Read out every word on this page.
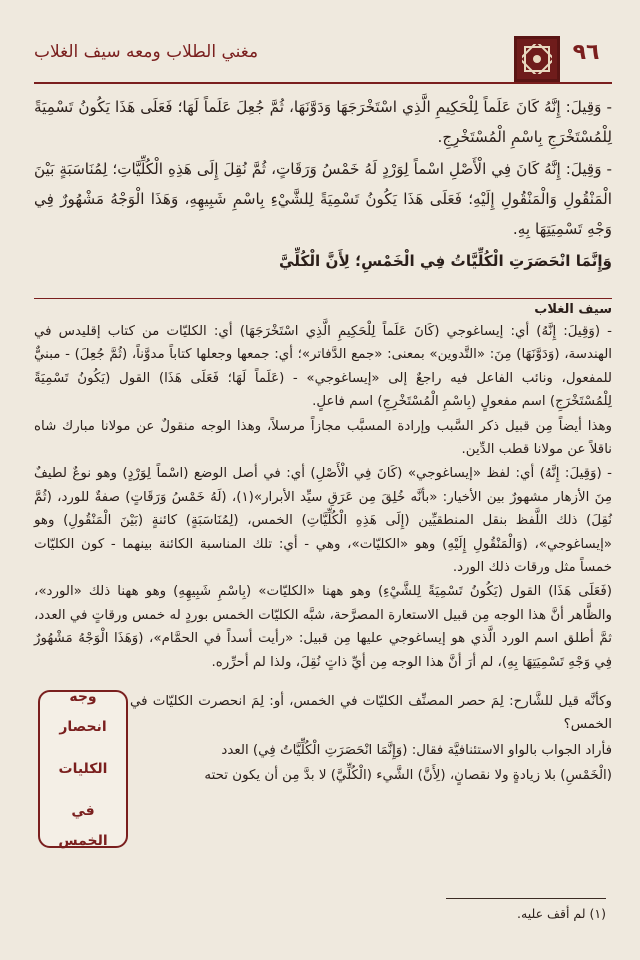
٩٦
مغني الطلاب ومعه سيف الغلاب

- وَقِيلَ: إِنَّهُ كَانَ عَلَماً لِلْحَكِيمِ الَّذِي اسْتَخْرَجَهَا وَدَوَّنَهَا، ثُمَّ جُعِلَ عَلَماً لَهَا؛ فَعَلَى هَذَا يَكُونُ تَسْمِيَةً لِلْمُسْتَخْرَجِ بِاسْمِ الْمُسْتَخْرِجِ.

- وَقِيلَ: إِنَّهُ كَانَ فِي الْأَصْلِ اسْماً لِوَرْدٍ لَهُ خَمْسُ وَرَقَاتٍ، ثُمَّ نُقِلَ إِلَى هَذِهِ الْكُلِّيَّاتِ؛ لِمُنَاسَبَةٍ بَيْنَ الْمَنْقُولِ وَالْمَنْقُولِ إِلَيْهِ؛ فَعَلَى هَذَا يَكُونُ تَسْمِيَةً لِلشَّيْءِ بِاسْمِ شَبِيهِهِ، وَهَذَا الْوَجْهُ مَشْهُورٌ فِي وَجْهِ تَسْمِيَتِهَا بِهِ.

وَإِنَّمَا انْحَصَرَتِ الْكُلِّيَّاتُ فِي الْخَمْسِ؛ لِأَنَّ الْكُلِّيَّ

سيف الغلاب

- (وَقِيلَ: إِنَّهُ) أي: إيساغوجي (كَانَ عَلَماً لِلْحَكِيمِ الَّذِي اسْتَخْرَجَهَا) أي: الكليّات من كتاب إقليدس في الهندسة، (وَدَوَّنَهَا) مِنَ: «التَّدوين» بمعنى: «جمع الدَّفاتر»؛ أي: جمعها وجعلها كتاباً مدوَّناً، (ثُمَّ جُعِلَ) - مبنيٌّ للمفعول، ونائب الفاعل فيه راجعٌ إلى «إيساغوجي» - (عَلَماً لَهَا؛ فَعَلَى هَذَا) القول (يَكُونُ تَسْمِيَةً لِلْمُسْتَخْرَجِ) اسم مفعولٍ (بِاسْمِ الْمُسْتَخْرِجِ) اسم فاعلٍ.

وهذا أيضاً مِن قبيل ذكر السَّبب وإرادة المسبَّب مجازاً مرسلاً، وهذا الوجه منقولٌ عن مولانا مبارك شاه ناقلاً عن مولانا قطب الدِّين.

- (وَقِيلَ: إِنَّهُ) أي: لفظ «إيساغوجي» (كَانَ فِي الْأَصْلِ) أي: في أصل الوضع (اسْماً لِوَرْدٍ) وهو نوعٌ لطيفٌ مِنَ الأزهار مشهورٌ بين الأخيار: «بأنَّه خُلِقَ مِن عَرَقِ سيِّد الأبرار»(١)، (لَهُ خَمْسُ وَرَقَاتٍ) صفةٌ للورد، (ثُمَّ نُقِلَ) ذلك اللَّفظ بنقل المنطقيِّين (إِلَى هَذِهِ الْكُلِّيَّاتِ) الخمس، (لِمُنَاسَبَةٍ) كائنةٍ (بَيْنَ الْمَنْقُولِ) وهو «إيساغوجي»، (وَالْمَنْقُولِ إِلَيْهِ) وهو «الكليّات»، وهي - أي: تلك المناسبة الكائنة بينهما - كون الكليّات خمساً مثل ورقات ذلك الورد.

(فَعَلَى هَذَا) القول (يَكُونُ تَسْمِيَةً لِلشَّيْءِ) وهو ههنا «الكليّات» (بِاسْمِ شَبِيهِهِ) وهو ههنا ذلك «الورد»، والظَّاهر أنَّ هذا الوجه مِن قبيل الاستعارة المصرَّحة، شبَّه الكليّات الخمس بوردٍ له خمس ورقاتٍ في العدد، ثمَّ أطلق اسم الورد الَّذي هو إيساغوجي عليها مِن قبيل: «رأيت أسداً في الحمَّام»، (وَهَذَا الْوَجْهُ مَشْهُورٌ فِي وَجْهِ تَسْمِيَتِهَا بِهِ)، لم أرَ أنَّ هذا الوجه مِن أيِّ ذاتٍ نُقِلَ، ولذا لم أحرِّره.

وجه انحصار
الكليات
في الخمس

وكأنَّه قيل للشَّارح: لِمَ حصر المصنِّف الكليّات في الخمس، أو: لِمَ انحصرت الكليّات في الخمس؟

فأراد الجواب بالواو الاستئنافيَّة فقال: (وَإِنَّمَا انْحَصَرَتِ الْكُلِّيَّاتُ فِي) العدد

(الْخَمْسِ) بلا زيادةٍ ولا نقصانٍ، (لِأَنَّ) الشَّيء (الْكُلِّيَّ) لا بدَّ مِن أن يكون تحته

(١) لم أقف عليه.
